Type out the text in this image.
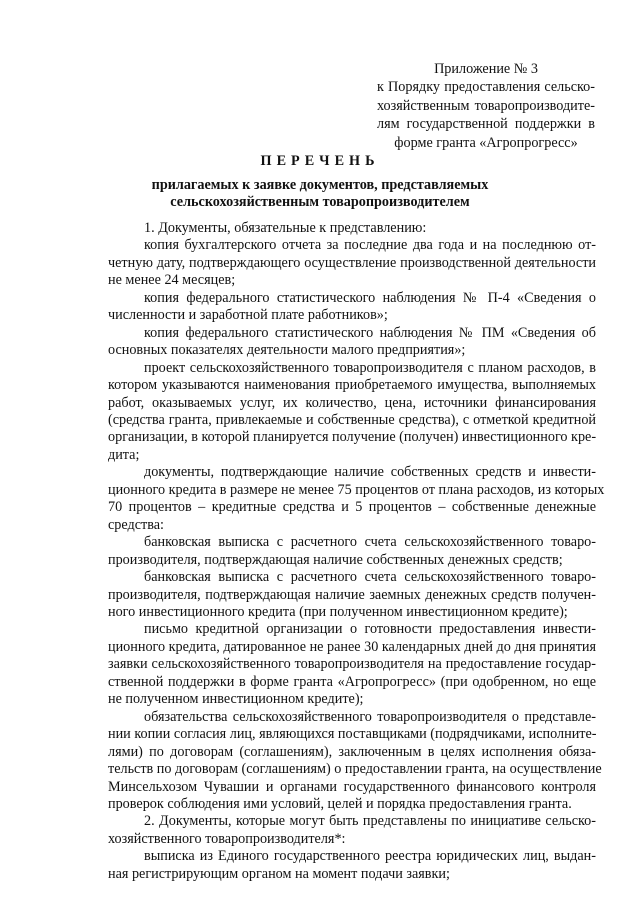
Приложение № 3
к Порядку предоставления сельско-
хозяйственным товаропроизводите-
лям государственной поддержки в
форме гранта «Агропрогресс»
ПЕРЕЧЕНЬ
прилагаемых к заявке документов, представляемых
сельскохозяйственным товаропроизводителем

1. Документы, обязательные к представлению:

копия бухгалтерского отчета за последние два года и на последнюю от-
четную дату, подтверждающего осуществление производственной деятельности
не менее 24 месяцев;

копия федерального статистического наблюдения № П-4 «Сведения о
численности и заработной плате работников»;

копия федерального статистического наблюдения № ПМ «Сведения об
основных показателях деятельности малого предприятия»;

проект сельскохозяйственного товаропроизводителя с планом расходов, в
котором указываются наименования приобретаемого имущества, выполняемых
работ, оказываемых услуг, их количество, цена, источники финансирования
(средства гранта, привлекаемые и собственные средства), с отметкой кредитной
организации, в которой планируется получение (получен) инвестиционного кре-
дита;

документы, подтверждающие наличие собственных средств и инвести-
ционного кредита в размере не менее 75 процентов от плана расходов, из которых
70 процентов – кредитные средства и 5 процентов – собственные денежные
средства:

банковская выписка с расчетного счета сельскохозяйственного товаро-
производителя, подтверждающая наличие собственных денежных средств;

банковская выписка с расчетного счета сельскохозяйственного товаро-
производителя, подтверждающая наличие заемных денежных средств получен-
ного инвестиционного кредита (при полученном инвестиционном кредите);

письмо кредитной организации о готовности предоставления инвести-
ционного кредита, датированное не ранее 30 календарных дней до дня принятия
заявки сельскохозяйственного товаропроизводителя на предоставление государ-
ственной поддержки в форме гранта «Агропрогресс» (при одобренном, но еще
не полученном инвестиционном кредите);

обязательства сельскохозяйственного товаропроизводителя о представле-
нии копии согласия лиц, являющихся поставщиками (подрядчиками, исполните-
лями) по договорам (соглашениям), заключенным в целях исполнения обяза-
тельств по договорам (соглашениям) о предоставлении гранта, на осуществление
Минсельхозом Чувашии и органами государственного финансового контроля
проверок соблюдения ими условий, целей и порядка предоставления гранта.

2. Документы, которые могут быть представлены по инициативе сельско-
хозяйственного товаропроизводителя*:

выписка из Единого государственного реестра юридических лиц, выдан-
ная регистрирующим органом на момент подачи заявки;
